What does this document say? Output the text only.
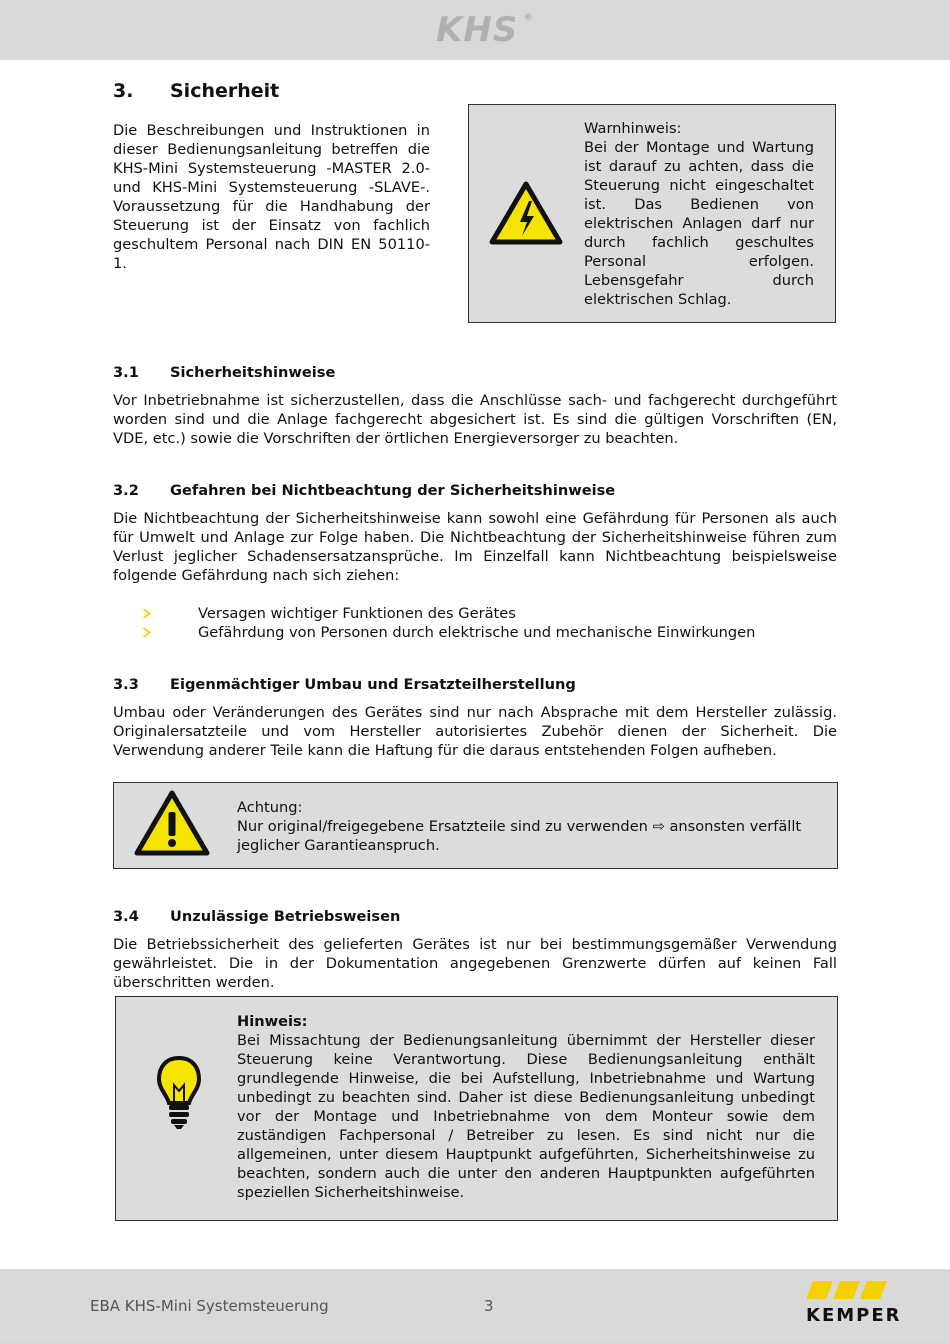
KHS ®
3. Sicherheit
Die Beschreibungen und Instruktionen in dieser Bedienungsanleitung betreffen die KHS-Mini Systemsteuerung -MASTER 2.0- und KHS-Mini Systemsteuerung -SLAVE-. Voraussetzung für die Handhabung der Steuerung ist der Einsatz von fachlich geschultem Personal nach DIN EN 50110-1.
Warnhinweis:
Bei der Montage und Wartung ist darauf zu achten, dass die Steuerung nicht eingeschaltet ist. Das Bedienen von elektrischen Anlagen darf nur durch fachlich geschultes Personal erfolgen. Lebensgefahr durch elektrischen Schlag.
3.1 Sicherheitshinweise
Vor Inbetriebnahme ist sicherzustellen, dass die Anschlüsse sach- und fachgerecht durchgeführt worden sind und die Anlage fachgerecht abgesichert ist. Es sind die gültigen Vorschriften (EN, VDE, etc.) sowie die Vorschriften der örtlichen Energieversorger zu beachten.
3.2 Gefahren bei Nichtbeachtung der Sicherheitshinweise
Die Nichtbeachtung der Sicherheitshinweise kann sowohl eine Gefährdung für Personen als auch für Umwelt und Anlage zur Folge haben. Die Nichtbeachtung der Sicherheitshinweise führen zum Verlust jeglicher Schadensersatzansprüche. Im Einzelfall kann Nichtbeachtung beispielsweise folgende Gefährdung nach sich ziehen:
Versagen wichtiger Funktionen des Gerätes
Gefährdung von Personen durch elektrische und mechanische Einwirkungen
3.3 Eigenmächtiger Umbau und Ersatzteilherstellung
Umbau oder Veränderungen des Gerätes sind nur nach Absprache mit dem Hersteller zulässig. Originalersatzteile und vom Hersteller autorisiertes Zubehör dienen der Sicherheit. Die Verwendung anderer Teile kann die Haftung für die daraus entstehenden Folgen aufheben.
Achtung:
Nur original/freigegebene Ersatzteile sind zu verwenden ⇨ ansonsten verfällt jeglicher Garantieanspruch.
3.4 Unzulässige Betriebsweisen
Die Betriebssicherheit des gelieferten Gerätes ist nur bei bestimmungsgemäßer Verwendung gewährleistet. Die in der Dokumentation angegebenen Grenzwerte dürfen auf keinen Fall überschritten werden.
Hinweis:
Bei Missachtung der Bedienungsanleitung übernimmt der Hersteller dieser Steuerung keine Verantwortung. Diese Bedienungsanleitung enthält grundlegende Hinweise, die bei Aufstellung, Inbetriebnahme und Wartung unbedingt zu beachten sind. Daher ist diese Bedienungsanleitung unbedingt vor der Montage und Inbetriebnahme von dem Monteur sowie dem zuständigen Fachpersonal / Betreiber zu lesen. Es sind nicht nur die allgemeinen, unter diesem Hauptpunkt aufgeführten, Sicherheitshinweise zu beachten, sondern auch die unter den anderen Hauptpunkten aufgeführten speziellen Sicherheitshinweise.
EBA KHS-Mini Systemsteuerung	3	KEMPER
